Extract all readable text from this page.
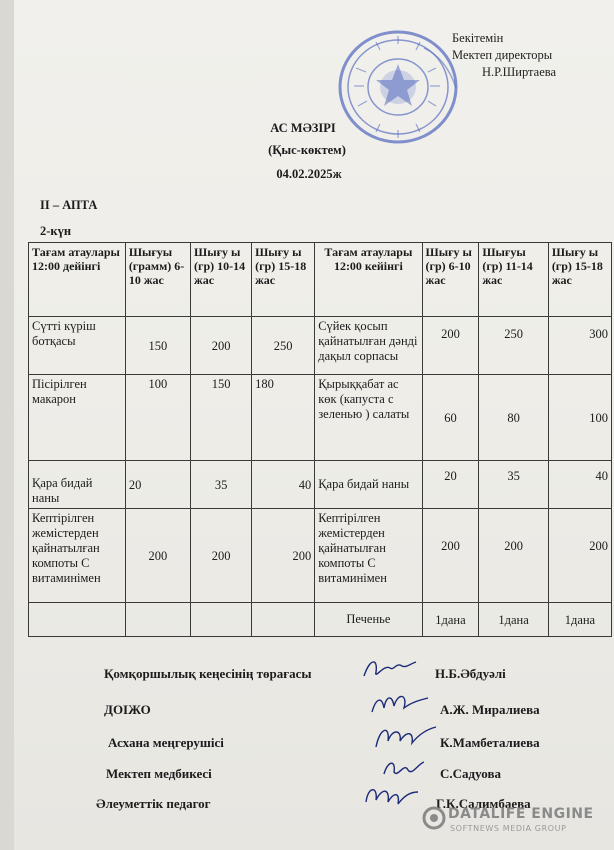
Бекітемін
Мектеп директоры
Н.Р.Ширтаева
АС МӘЗІРІ
(Қыс-көктем)
04.02.2025ж
II – АПТА
2-күн
Тағам атаулары 12:00 дейінгі	Шығуы (грамм) 6-10 жас	Шығу ы (гр) 10-14 жас	Шығу ы (гр) 15-18 жас	Тағам атаулары 12:00 кейінгі	Шығу ы (гр) 6-10 жас	Шығуы (гр) 11-14 жас	Шығу ы (гр) 15-18 жас
Сүтті күріш ботқасы	150	200	250	Сүйек қосып қайнатылған дәнді дақыл сорпасы	200	250	300
Пісірілген макарон	100	150	180	Қырыққабат ас көк (капуста с зеленью ) салаты	60	80	100
Қара бидай наны	20	35	40	Қара бидай наны	20	35	40
Кептірілген жемістерден қайнатылған компоты С витаминімен	200	200	200	Кептірілген жемістерден қайнатылған компоты С витаминімен	200	200	200
				Печенье	1дана	1дана	1дана
Қомқоршылық кеңесінің төрағасы	Н.Б.Әбдуәлі
ДОІЖО	А.Ж. Миралиева
Асхана меңгерушісі	К.Мамбеталиева
Мектеп медбикесі	С.Садуова
Әлеуметтік педагог	Г.К.Салимбаева
DATALIFE ENGINE
SOFTNEWS MEDIA GROUP
